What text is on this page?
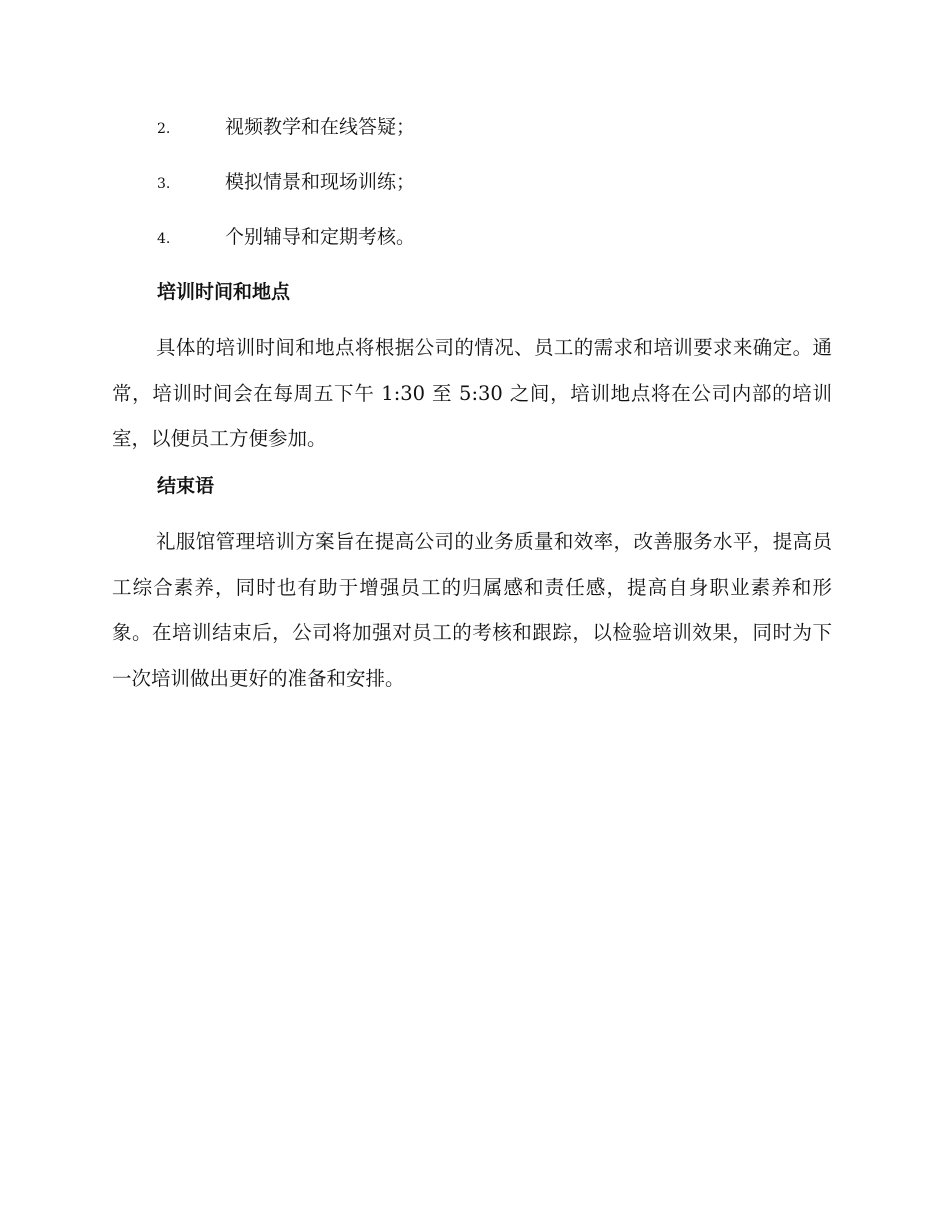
2.	视频教学和在线答疑；
3.	模拟情景和现场训练；
4.	个别辅导和定期考核。
培训时间和地点

具体的培训时间和地点将根据公司的情况、员工的需求和培训要求来确定。通常，培训时间会在每周五下午 1:30 至 5:30 之间，培训地点将在公司内部的培训室，以便员工方便参加。

结束语

礼服馆管理培训方案旨在提高公司的业务质量和效率，改善服务水平，提高员工综合素养，同时也有助于增强员工的归属感和责任感，提高自身职业素养和形象。在培训结束后，公司将加强对员工的考核和跟踪，以检验培训效果，同时为下一次培训做出更好的准备和安排。
